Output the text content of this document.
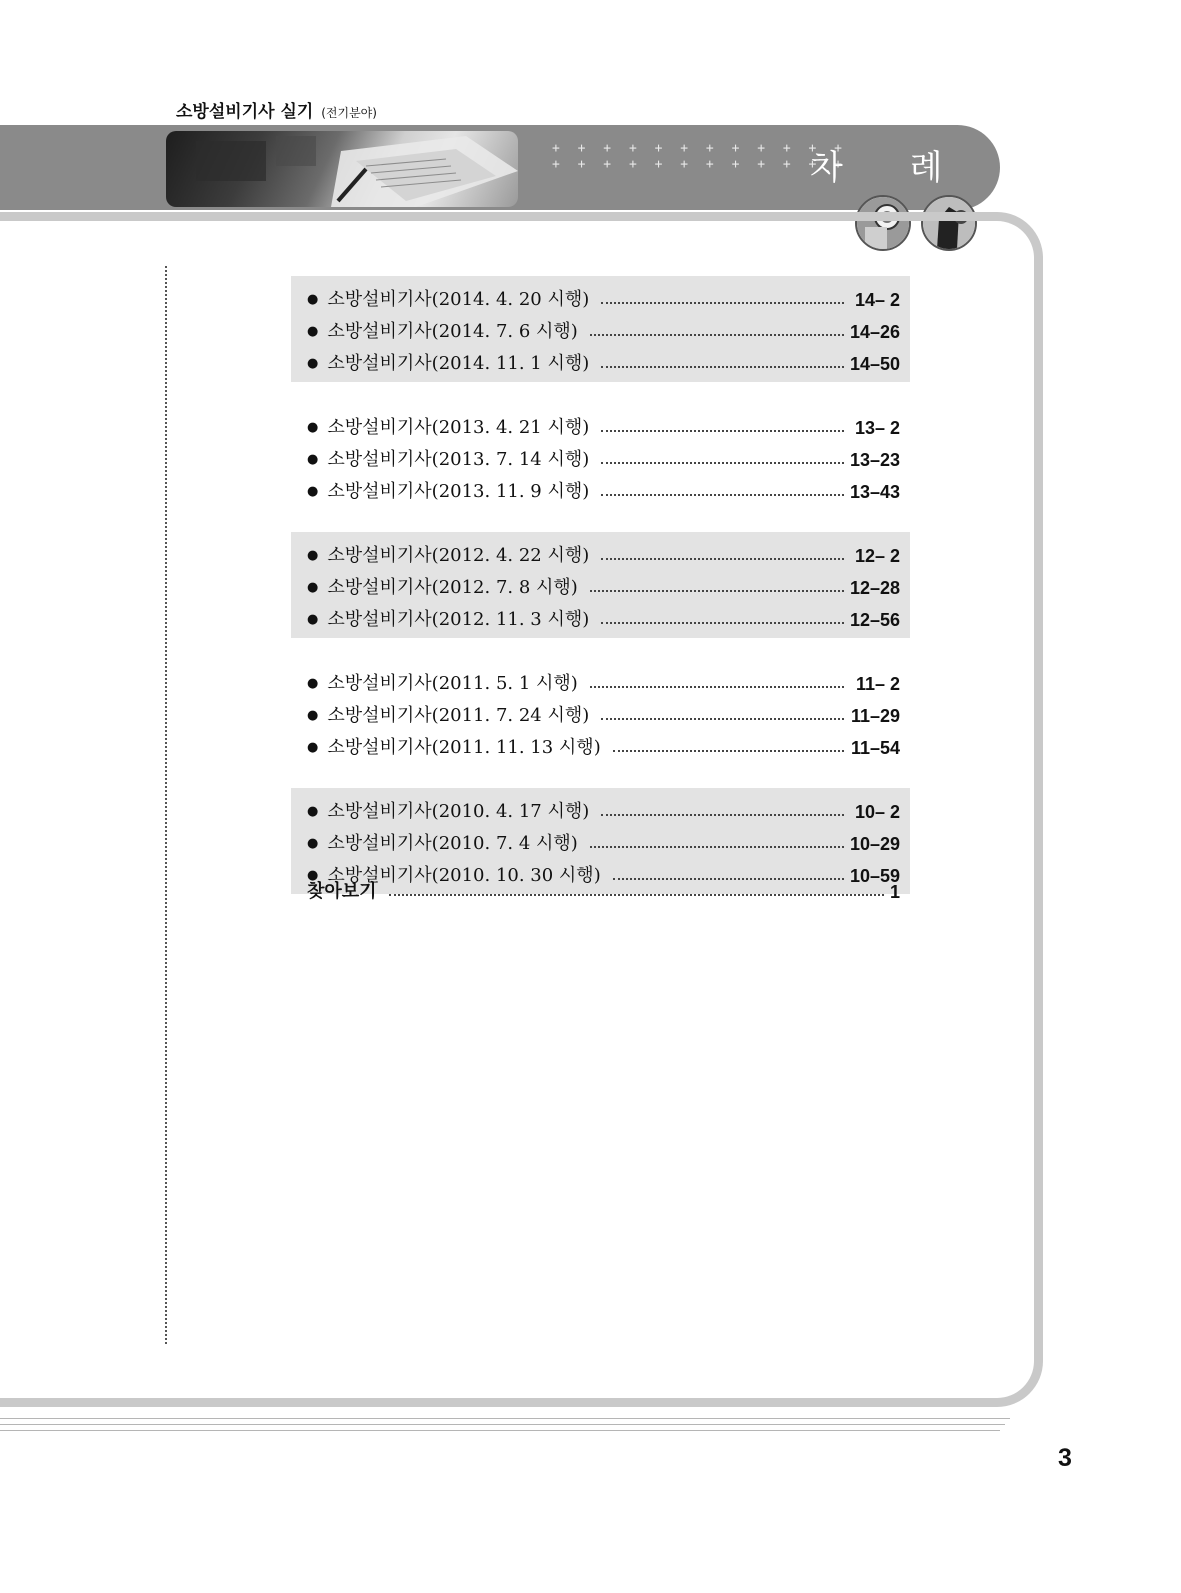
소방설비기사 실기 (전기분야)
+ + + + + + + + + + + +
+ + + + + + + + + + + +
차 례
● 소방설비기사(2014. 4. 20 시행)	14– 2
● 소방설비기사(2014. 7. 6 시행)	14–26
● 소방설비기사(2014. 11. 1 시행)	14–50
● 소방설비기사(2013. 4. 21 시행)	13– 2
● 소방설비기사(2013. 7. 14 시행)	13–23
● 소방설비기사(2013. 11. 9 시행)	13–43
● 소방설비기사(2012. 4. 22 시행)	12– 2
● 소방설비기사(2012. 7. 8 시행)	12–28
● 소방설비기사(2012. 11. 3 시행)	12–56
● 소방설비기사(2011. 5. 1 시행)	11– 2
● 소방설비기사(2011. 7. 24 시행)	11–29
● 소방설비기사(2011. 11. 13 시행)	11–54
● 소방설비기사(2010. 4. 17 시행)	10– 2
● 소방설비기사(2010. 7. 4 시행)	10–29
● 소방설비기사(2010. 10. 30 시행)	10–59
찾아보기	1
3
